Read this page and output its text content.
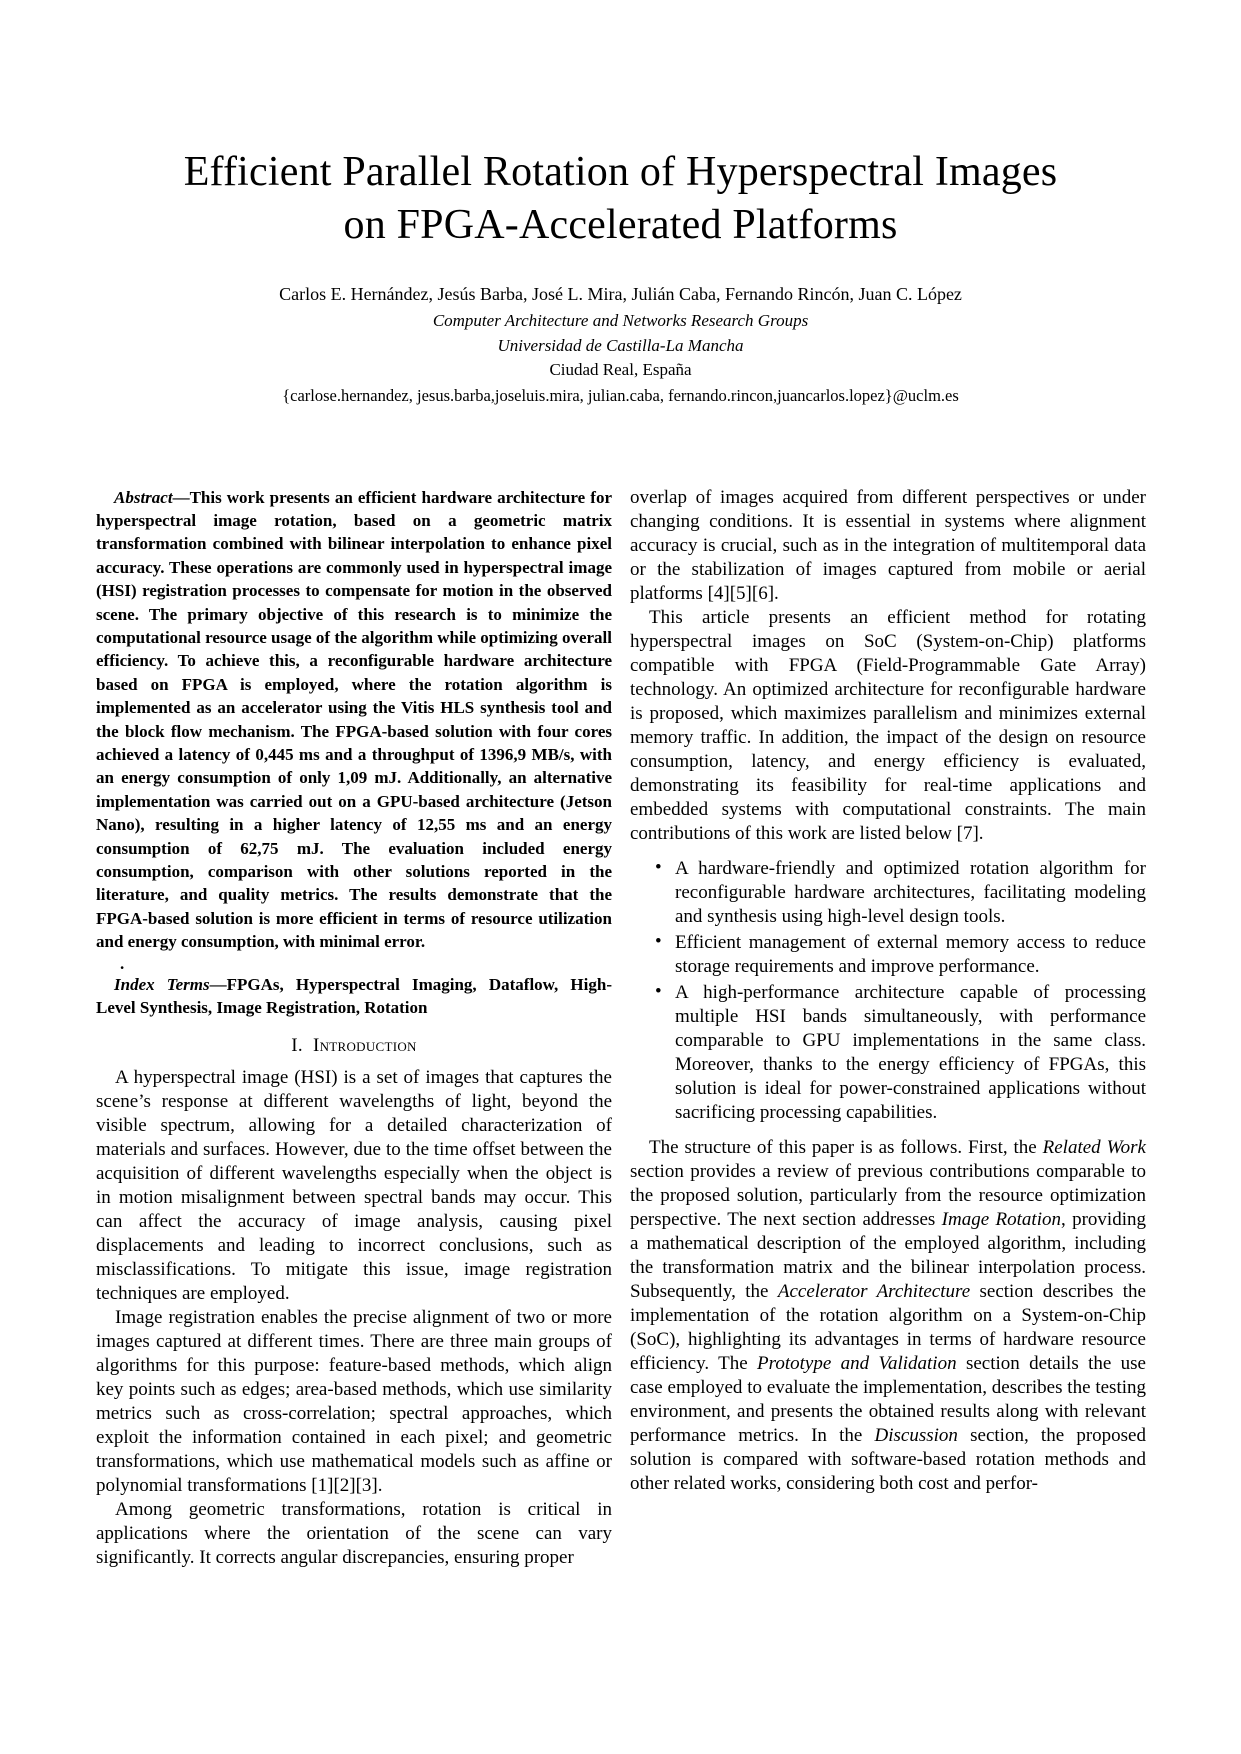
Efficient Parallel Rotation of Hyperspectral Images
on FPGA-Accelerated Platforms
Carlos E. Hernández, Jesús Barba, José L. Mira, Julián Caba, Fernando Rincón, Juan C. López
Computer Architecture and Networks Research Groups
Universidad de Castilla-La Mancha
Ciudad Real, España
{carlose.hernandez, jesus.barba,joseluis.mira, julian.caba, fernando.rincon,juancarlos.lopez}@uclm.es

Abstract—This work presents an efficient hardware architecture for hyperspectral image rotation, based on a geometric matrix transformation combined with bilinear interpolation to enhance pixel accuracy. These operations are commonly used in hyperspectral image (HSI) registration processes to compensate for motion in the observed scene. The primary objective of this research is to minimize the computational resource usage of the algorithm while optimizing overall efficiency. To achieve this, a reconfigurable hardware architecture based on FPGA is employed, where the rotation algorithm is implemented as an accelerator using the Vitis HLS synthesis tool and the block flow mechanism. The FPGA-based solution with four cores achieved a latency of 0,445 ms and a throughput of 1396,9 MB/s, with an energy consumption of only 1,09 mJ. Additionally, an alternative implementation was carried out on a GPU-based architecture (Jetson Nano), resulting in a higher latency of 12,55 ms and an energy consumption of 62,75 mJ. The evaluation included energy consumption, comparison with other solutions reported in the literature, and quality metrics. The results demonstrate that the FPGA-based solution is more efficient in terms of resource utilization and energy consumption, with minimal error.

.

Index Terms—FPGAs, Hyperspectral Imaging, Dataflow, High-Level Synthesis, Image Registration, Rotation

I. Introduction

A hyperspectral image (HSI) is a set of images that captures the scene’s response at different wavelengths of light, beyond the visible spectrum, allowing for a detailed characterization of materials and surfaces. However, due to the time offset between the acquisition of different wavelengths especially when the object is in motion misalignment between spectral bands may occur. This can affect the accuracy of image analysis, causing pixel displacements and leading to incorrect conclusions, such as misclassifications. To mitigate this issue, image registration techniques are employed.

Image registration enables the precise alignment of two or more images captured at different times. There are three main groups of algorithms for this purpose: feature-based methods, which align key points such as edges; area-based methods, which use similarity metrics such as cross-correlation; spectral approaches, which exploit the information contained in each pixel; and geometric transformations, which use mathematical models such as affine or polynomial transformations [1][2][3].

Among geometric transformations, rotation is critical in applications where the orientation of the scene can vary significantly. It corrects angular discrepancies, ensuring proper

overlap of images acquired from different perspectives or under changing conditions. It is essential in systems where alignment accuracy is crucial, such as in the integration of multitemporal data or the stabilization of images captured from mobile or aerial platforms [4][5][6].

This article presents an efficient method for rotating hyperspectral images on SoC (System-on-Chip) platforms compatible with FPGA (Field-Programmable Gate Array) technology. An optimized architecture for reconfigurable hardware is proposed, which maximizes parallelism and minimizes external memory traffic. In addition, the impact of the design on resource consumption, latency, and energy efficiency is evaluated, demonstrating its feasibility for real-time applications and embedded systems with computational constraints. The main contributions of this work are listed below [7].

• A hardware-friendly and optimized rotation algorithm for reconfigurable hardware architectures, facilitating modeling and synthesis using high-level design tools.
• Efficient management of external memory access to reduce storage requirements and improve performance.
• A high-performance architecture capable of processing multiple HSI bands simultaneously, with performance comparable to GPU implementations in the same class. Moreover, thanks to the energy efficiency of FPGAs, this solution is ideal for power-constrained applications without sacrificing processing capabilities.

The structure of this paper is as follows. First, the Related Work section provides a review of previous contributions comparable to the proposed solution, particularly from the resource optimization perspective. The next section addresses Image Rotation, providing a mathematical description of the employed algorithm, including the transformation matrix and the bilinear interpolation process. Subsequently, the Accelerator Architecture section describes the implementation of the rotation algorithm on a System-on-Chip (SoC), highlighting its advantages in terms of hardware resource efficiency. The Prototype and Validation section details the use case employed to evaluate the implementation, describes the testing environment, and presents the obtained results along with relevant performance metrics. In the Discussion section, the proposed solution is compared with software-based rotation methods and other related works, considering both cost and perfor-
